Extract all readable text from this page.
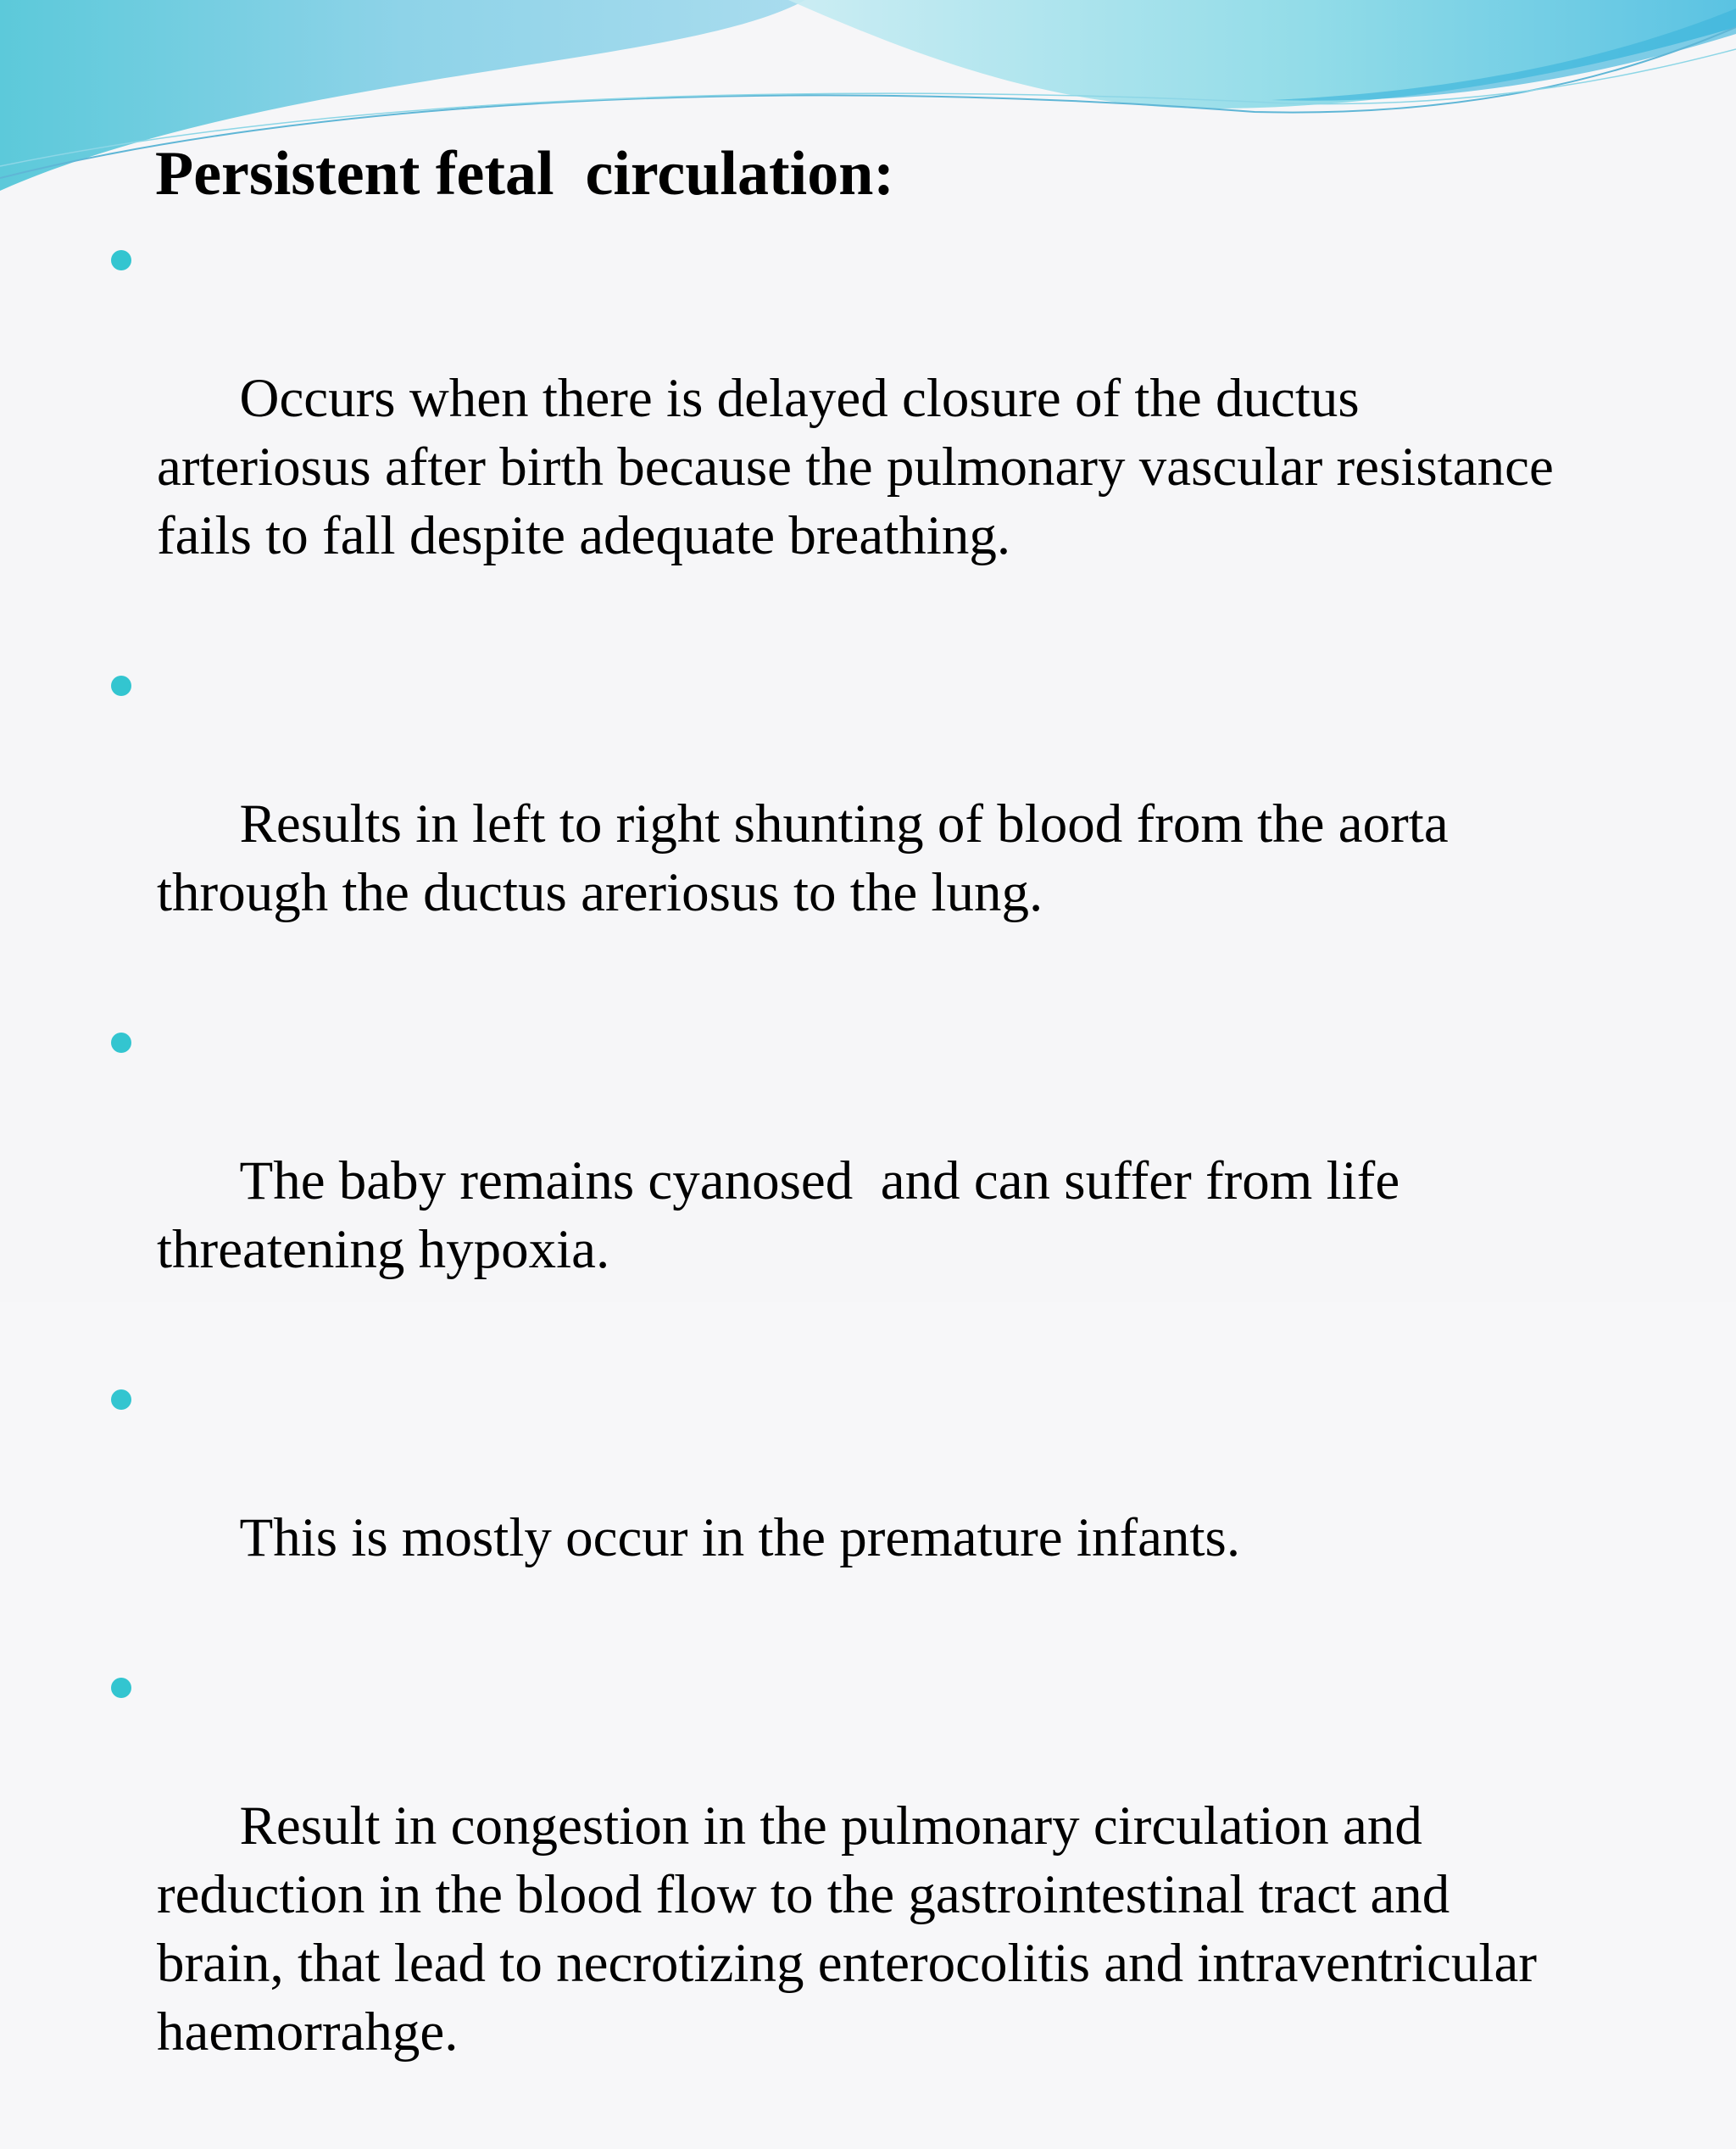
Persistent fetal  circulation:

Occurs when there is delayed closure of the ductus arteriosus after birth because the pulmonary vascular resistance fails to fall despite adequate breathing.

Results in left to right shunting of blood from the aorta through the ductus areriosus to the lung.

The baby remains cyanosed  and can suffer from life threatening hypoxia.

This is mostly occur in the premature infants.

Result in congestion in the pulmonary circulation and reduction in the blood flow to the gastrointestinal tract and brain, that lead to necrotizing enterocolitis and intraventricular haemorrahge.
